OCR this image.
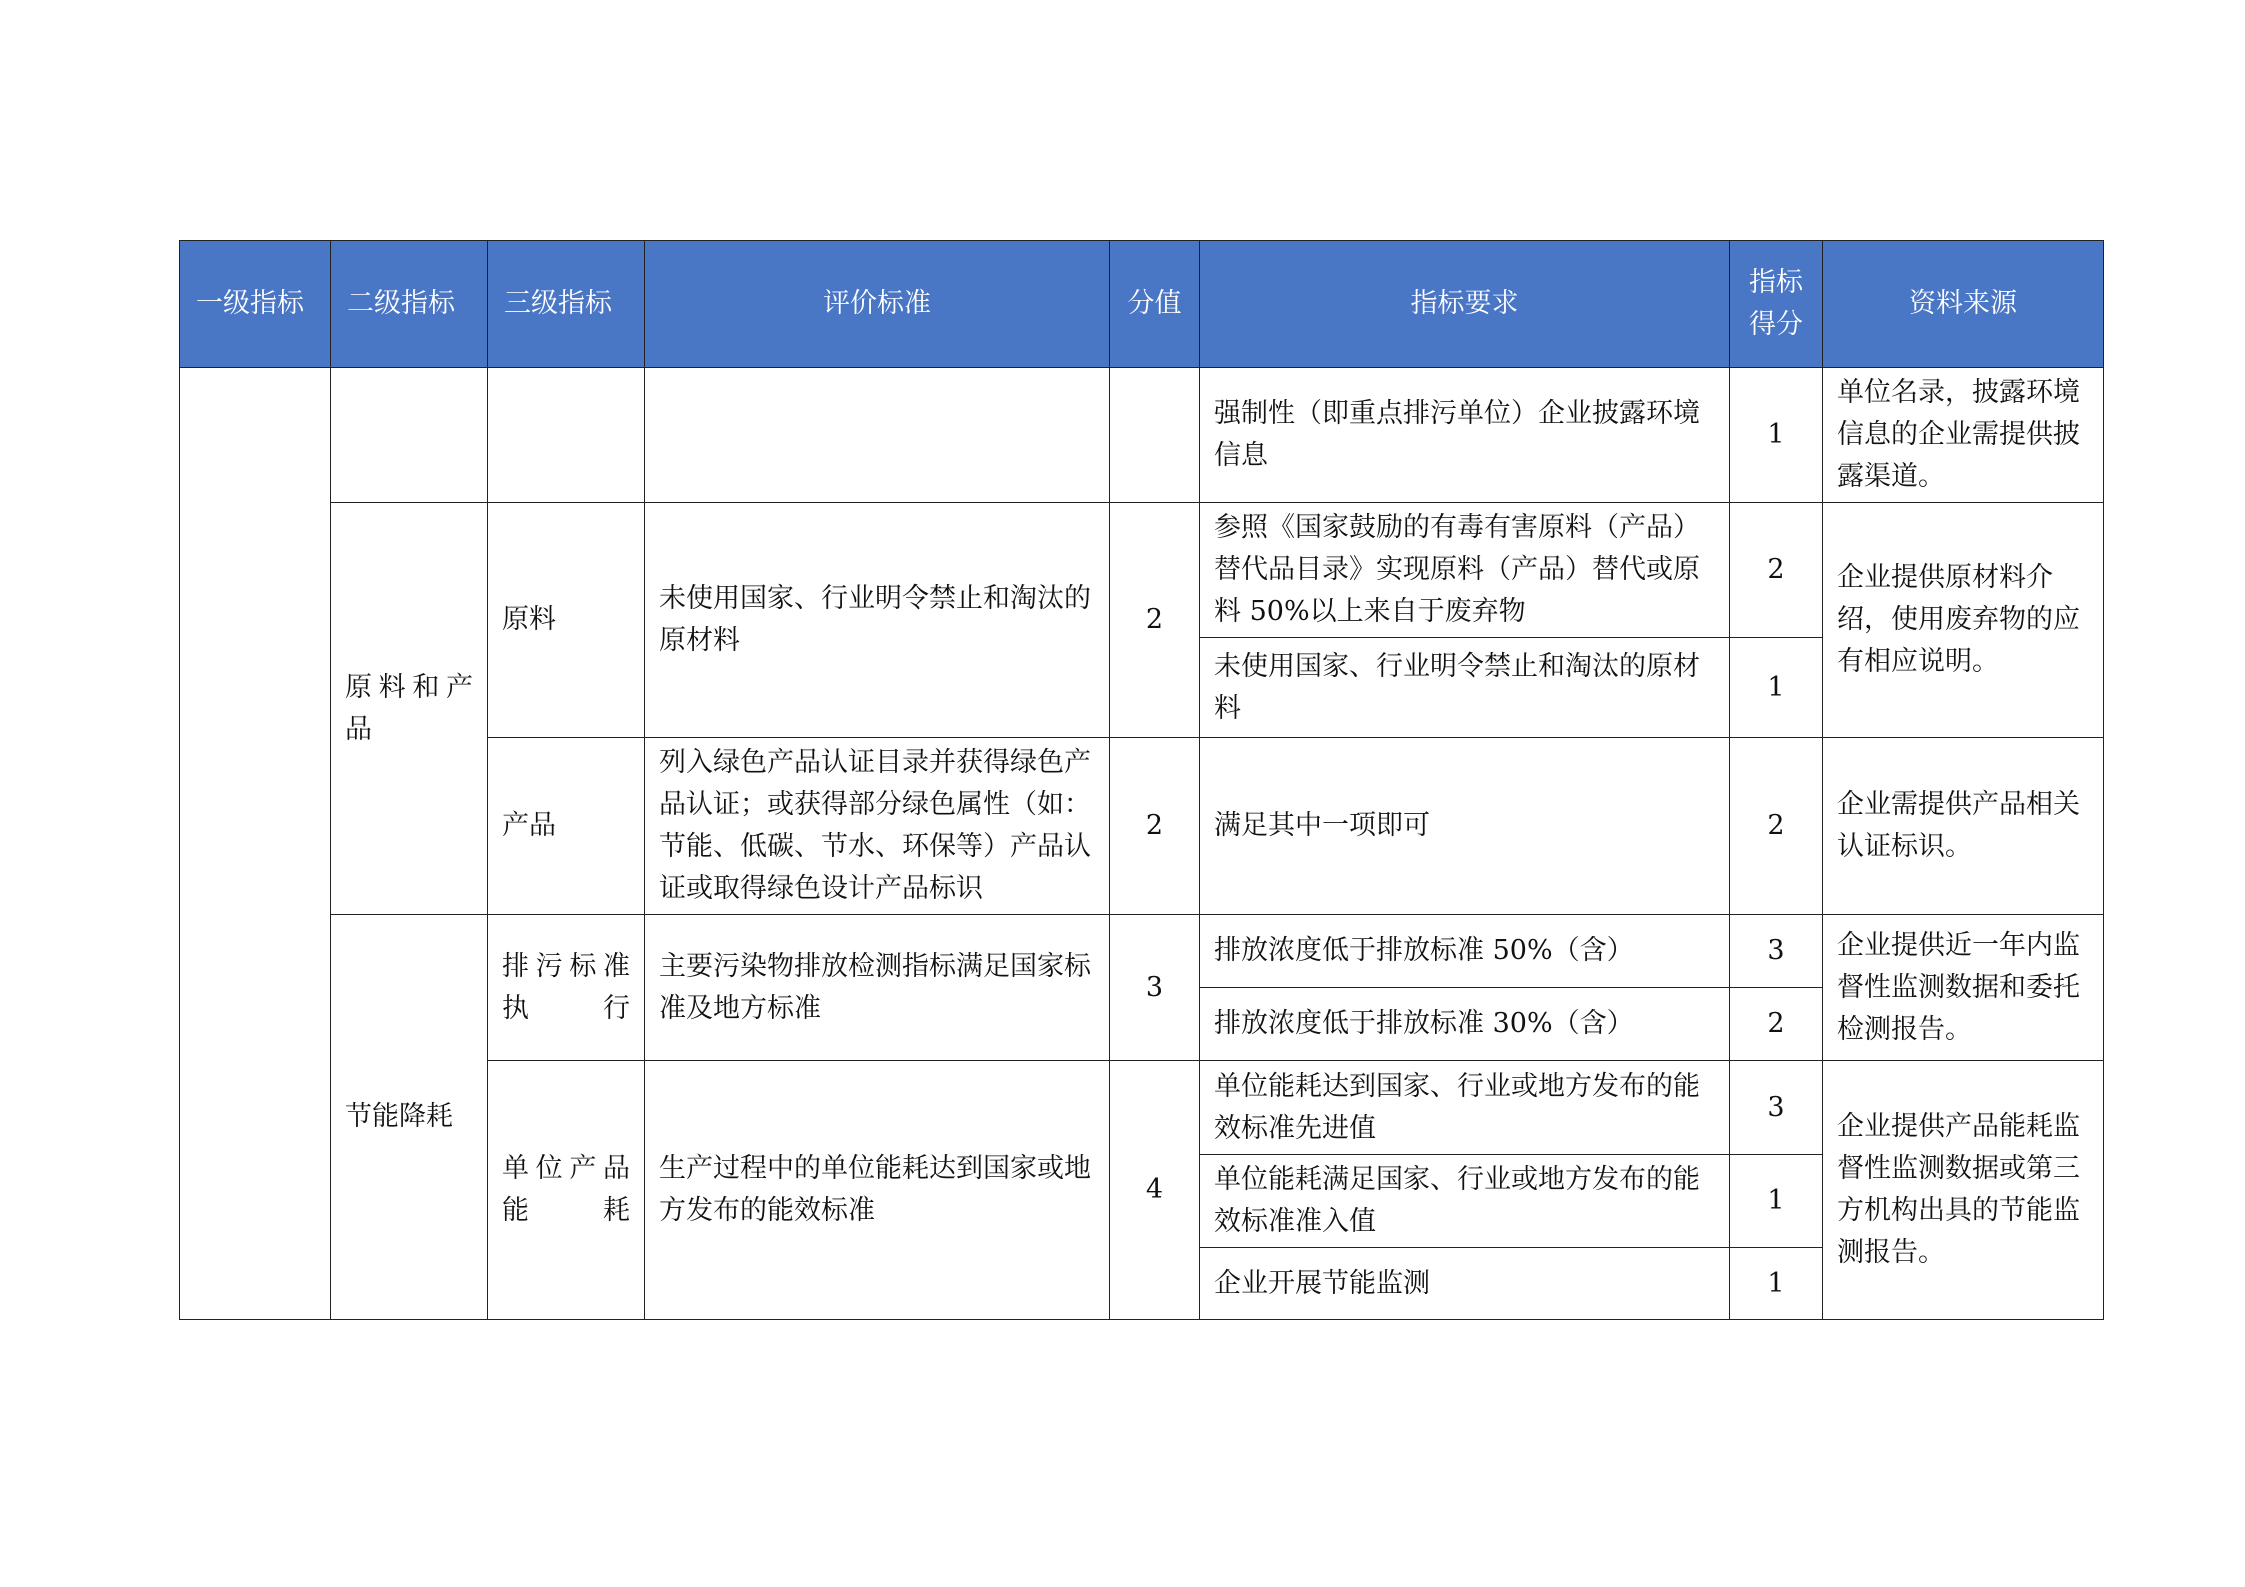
一级指标	二级指标	三级指标	评价标准	分值	指标要求	指标得分	资料来源
					强制性（即重点排污单位）企业披露环境信息	1	单位名录，披露环境信息的企业需提供披露渠道。
	原料和产品	原料	未使用国家、行业明令禁止和淘汰的原材料	2	参照《国家鼓励的有毒有害原料（产品）替代品目录》实现原料（产品）替代或原料 50%以上来自于废弃物	2	企业提供原材料介绍，使用废弃物的应有相应说明。
					未使用国家、行业明令禁止和淘汰的原材料	1	
		产品	列入绿色产品认证目录并获得绿色产品认证；或获得部分绿色属性（如：节能、低碳、节水、环保等）产品认证或取得绿色设计产品标识	2	满足其中一项即可	2	企业需提供产品相关认证标识。
	节能降耗	排污标准执行	主要污染物排放检测指标满足国家标准及地方标准	3	排放浓度低于排放标准 50%（含）	3	企业提供近一年内监督性监测数据和委托检测报告。
					排放浓度低于排放标准 30%（含）	2	
		单位产品能耗	生产过程中的单位能耗达到国家或地方发布的能效标准	4	单位能耗达到国家、行业或地方发布的能效标准先进值	3	企业提供产品能耗监督性监测数据或第三方机构出具的节能监测报告。
					单位能耗满足国家、行业或地方发布的能效标准准入值	1	
					企业开展节能监测	1	
